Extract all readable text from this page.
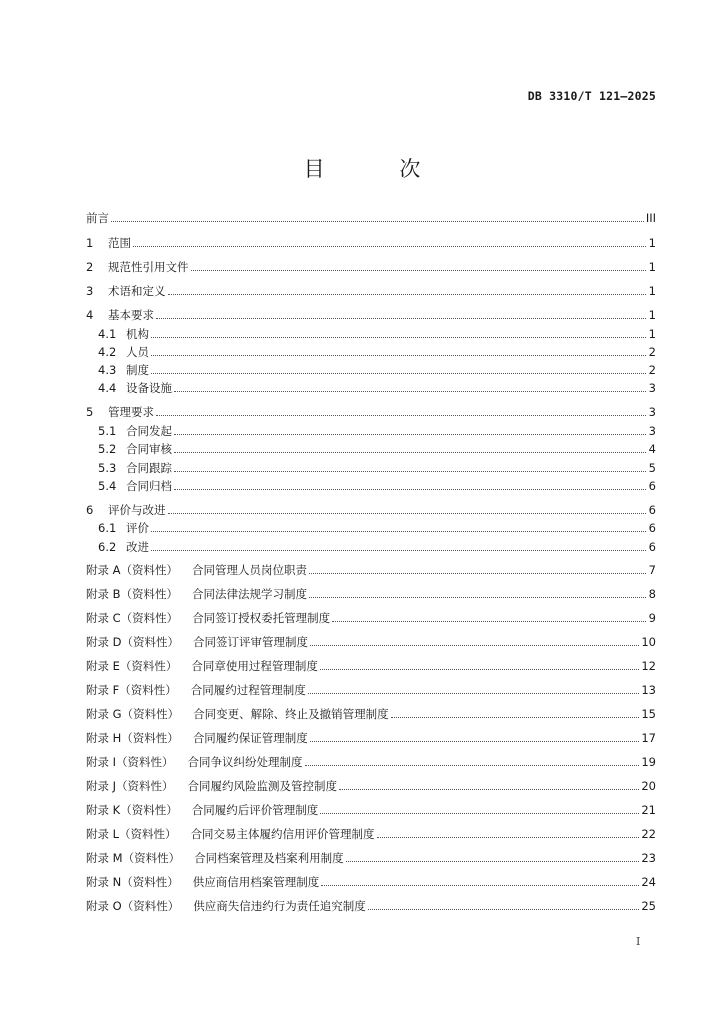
DB 3310/T 121—2025
目 次
前言	III
1	范围	1
2	规范性引用文件	1
3	术语和定义	1
4	基本要求	1
4.1 机构	1
4.2 人员	2
4.3 制度	2
4.4 设备设施	3
5	管理要求	3
5.1 合同发起	3
5.2 合同审核	4
5.3 合同跟踪	5
5.4 合同归档	6
6	评价与改进	6
6.1 评价	6
6.2 改进	6
附录 A（资料性） 合同管理人员岗位职责	7
附录 B（资料性） 合同法律法规学习制度	8
附录 C（资料性） 合同签订授权委托管理制度	9
附录 D（资料性） 合同签订评审管理制度	10
附录 E（资料性） 合同章使用过程管理制度	12
附录 F（资料性） 合同履约过程管理制度	13
附录 G（资料性） 合同变更、解除、终止及撤销管理制度	15
附录 H（资料性） 合同履约保证管理制度	17
附录 I（资料性） 合同争议纠纷处理制度	19
附录 J（资料性） 合同履约风险监测及管控制度	20
附录 K（资料性） 合同履约后评价管理制度	21
附录 L（资料性） 合同交易主体履约信用评价管理制度	22
附录 M（资料性） 合同档案管理及档案利用制度	23
附录 N（资料性） 供应商信用档案管理制度	24
附录 O（资料性） 供应商失信违约行为责任追究制度	25
I
